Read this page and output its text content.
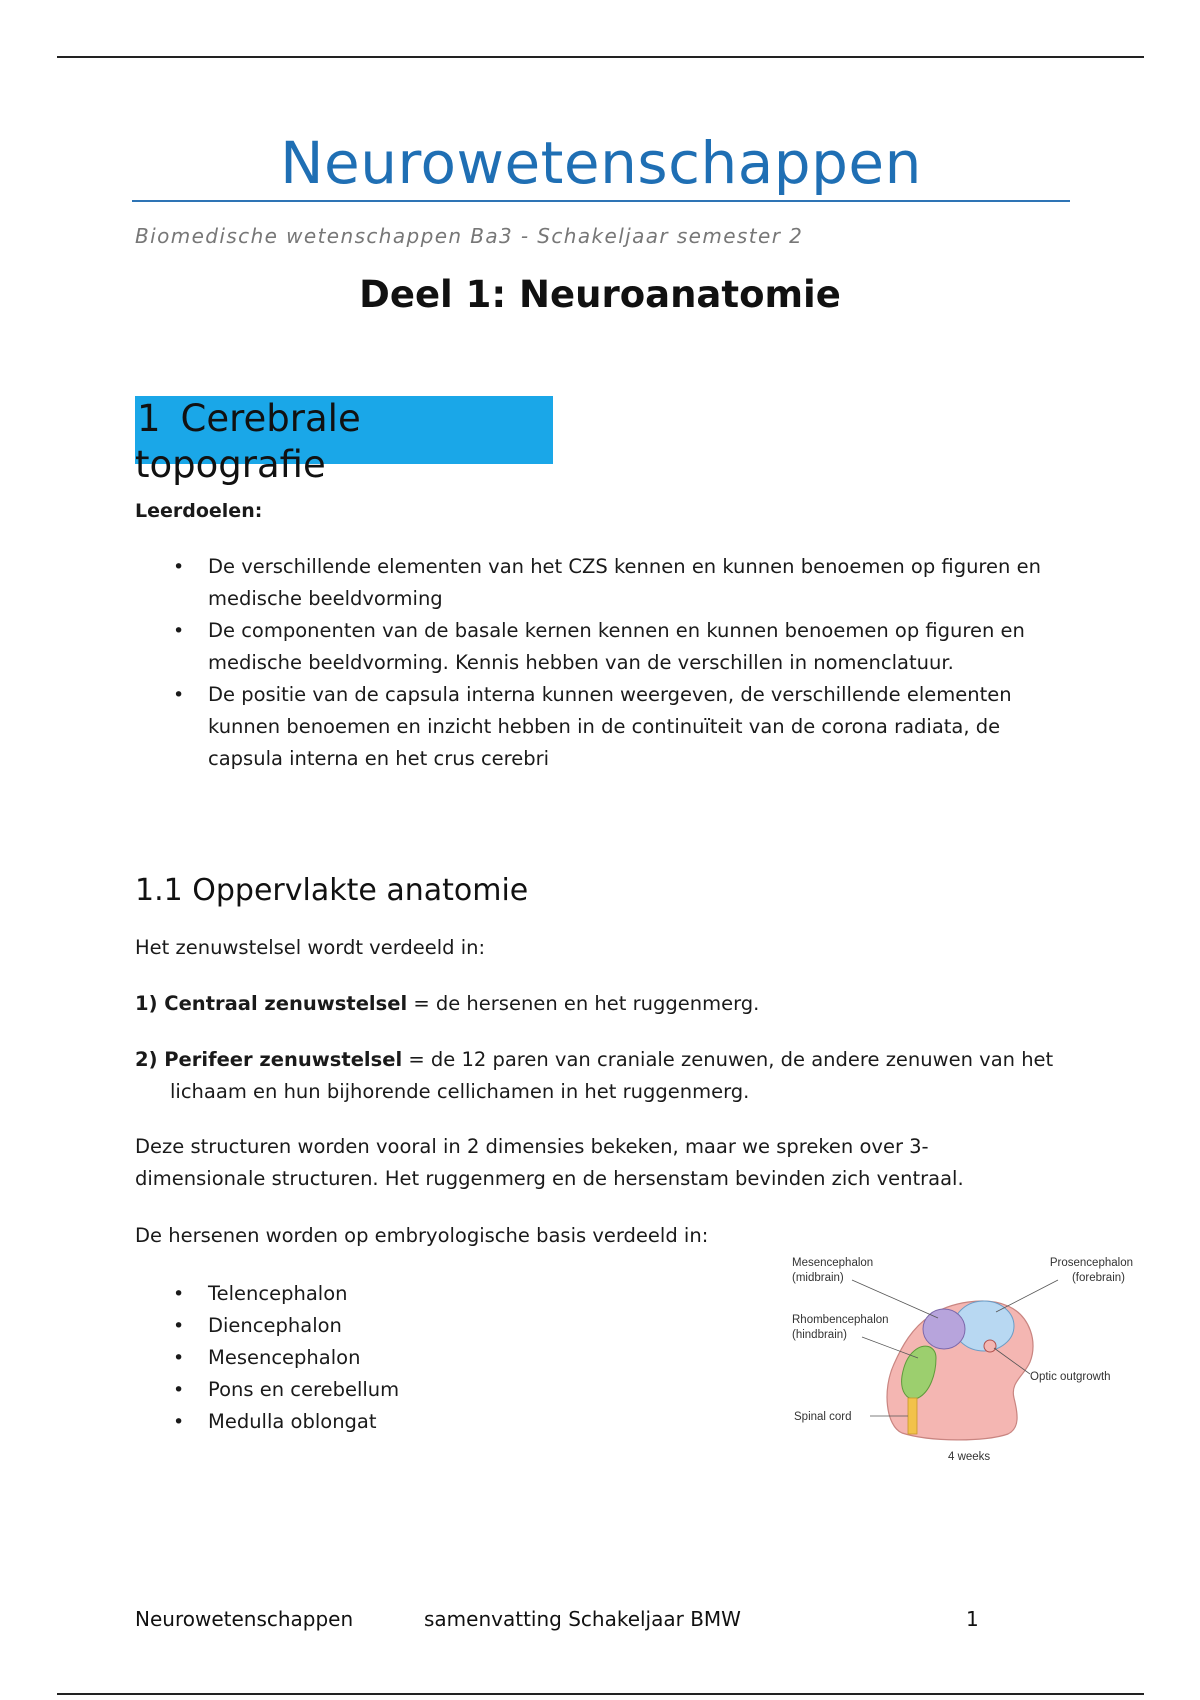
Neurowetenschappen
Biomedische wetenschappen Ba3 - Schakeljaar semester 2
Deel 1: Neuroanatomie
1 Cerebrale topografie
Leerdoelen:
• De verschillende elementen van het CZS kennen en kunnen benoemen op figuren en medische beeldvorming
• De componenten van de basale kernen kennen en kunnen benoemen op figuren en medische beeldvorming. Kennis hebben van de verschillen in nomenclatuur.
• De positie van de capsula interna kunnen weergeven, de verschillende elementen kunnen benoemen en inzicht hebben in de continuïteit van de corona radiata, de capsula interna en het crus cerebri
1.1 Oppervlakte anatomie
Het zenuwstelsel wordt verdeeld in:
1) Centraal zenuwstelsel = de hersenen en het ruggenmerg.
2) Perifeer zenuwstelsel = de 12 paren van craniale zenuwen, de andere zenuwen van het lichaam en hun bijhorende cellichamen in het ruggenmerg.
Deze structuren worden vooral in 2 dimensies bekeken, maar we spreken over 3-dimensionale structuren. Het ruggenmerg en de hersenstam bevinden zich ventraal.
De hersenen worden op embryologische basis verdeeld in:
• Telencephalon
• Diencephalon
• Mesencephalon
• Pons en cerebellum
• Medulla oblongat
Mesencephalon
(midbrain)
Prosencephalon
(forebrain)
Rhombencephalon
(hindbrain)
Optic outgrowth
Spinal cord
4 weeks
Neurowetenschappen	samenvatting Schakeljaar BMW	1
